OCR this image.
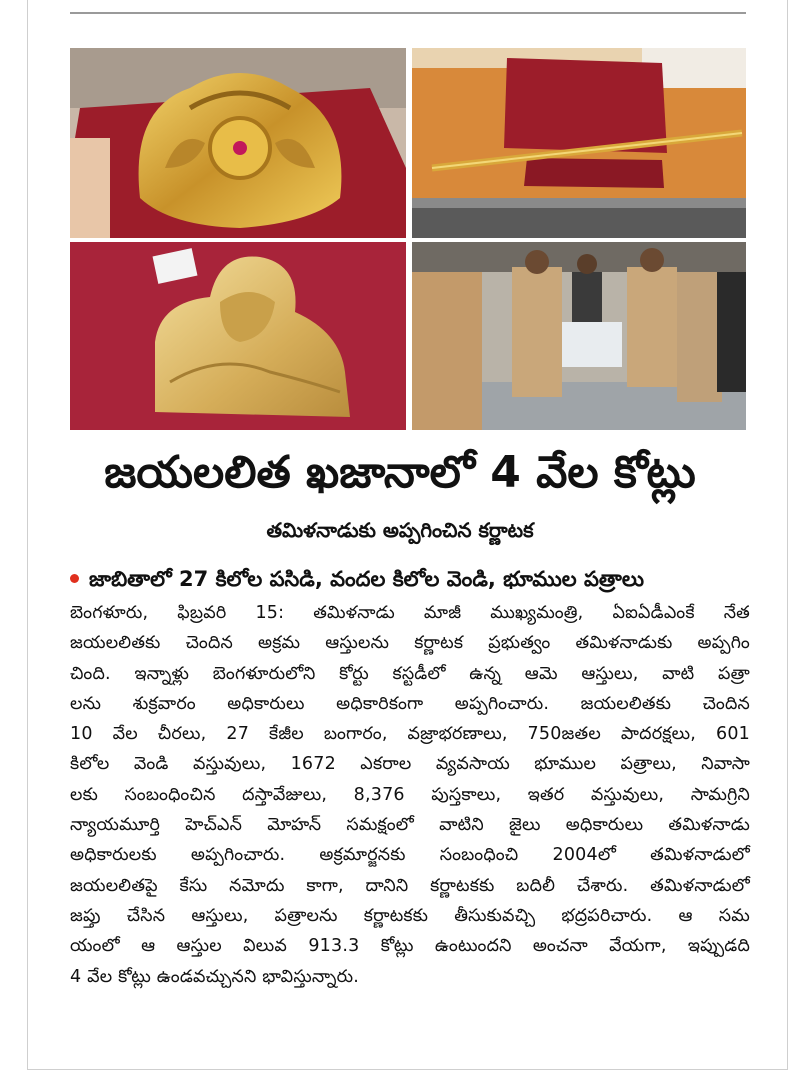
జయలలిత ఖజానాలో 4 వేల కోట్లు
తమిళనాడుకు అప్పగించిన కర్ణాటక
జాబితాలో 27 కిలోల పసిడి, వందల కిలోల వెండి, భూముల పత్రాలు
బెంగళూరు, ఫిబ్రవరి 15: తమిళనాడు మాజీ ముఖ్యమంత్రి, ఏఐఏడీఎంకే నేత
జయలలితకు చెందిన అక్రమ ఆస్తులను కర్ణాటక ప్రభుత్వం తమిళనాడుకు అప్పగిం
చింది. ఇన్నాళ్లు బెంగళూరులోని కోర్టు కస్టడీలో ఉన్న ఆమె ఆస్తులు, వాటి పత్రా
లను శుక్రవారం అధికారులు అధికారికంగా అప్పగించారు. జయలలితకు చెందిన
10 వేల చీరలు, 27 కేజీల బంగారం, వజ్రాభరణాలు, 750జతల పాదరక్షలు, 601
కిలోల వెండి వస్తువులు, 1672 ఎకరాల వ్యవసాయ భూముల పత్రాలు, నివాసా
లకు సంబంధించిన దస్తావేజులు, 8,376 పుస్తకాలు, ఇతర వస్తువులు, సామగ్రిని
న్యాయమూర్తి హెచ్ఎన్ మోహన్ సమక్షంలో వాటిని జైలు అధికారులు తమిళనాడు
అధికారులకు అప్పగించారు. అక్రమార్జనకు సంబంధించి 2004లో తమిళనాడులో
జయలలితపై కేసు నమోదు కాగా, దానిని కర్ణాటకకు బదిలీ చేశారు. తమిళనాడులో
జప్తు చేసిన ఆస్తులు, పత్రాలను కర్ణాటకకు తీసుకువచ్చి భద్రపరిచారు. ఆ సమ
యంలో ఆ ఆస్తుల విలువ 913.3 కోట్లు ఉంటుందని అంచనా వేయగా, ఇప్పుడది
4 వేల కోట్లు ఉండవచ్చునని భావిస్తున్నారు.
